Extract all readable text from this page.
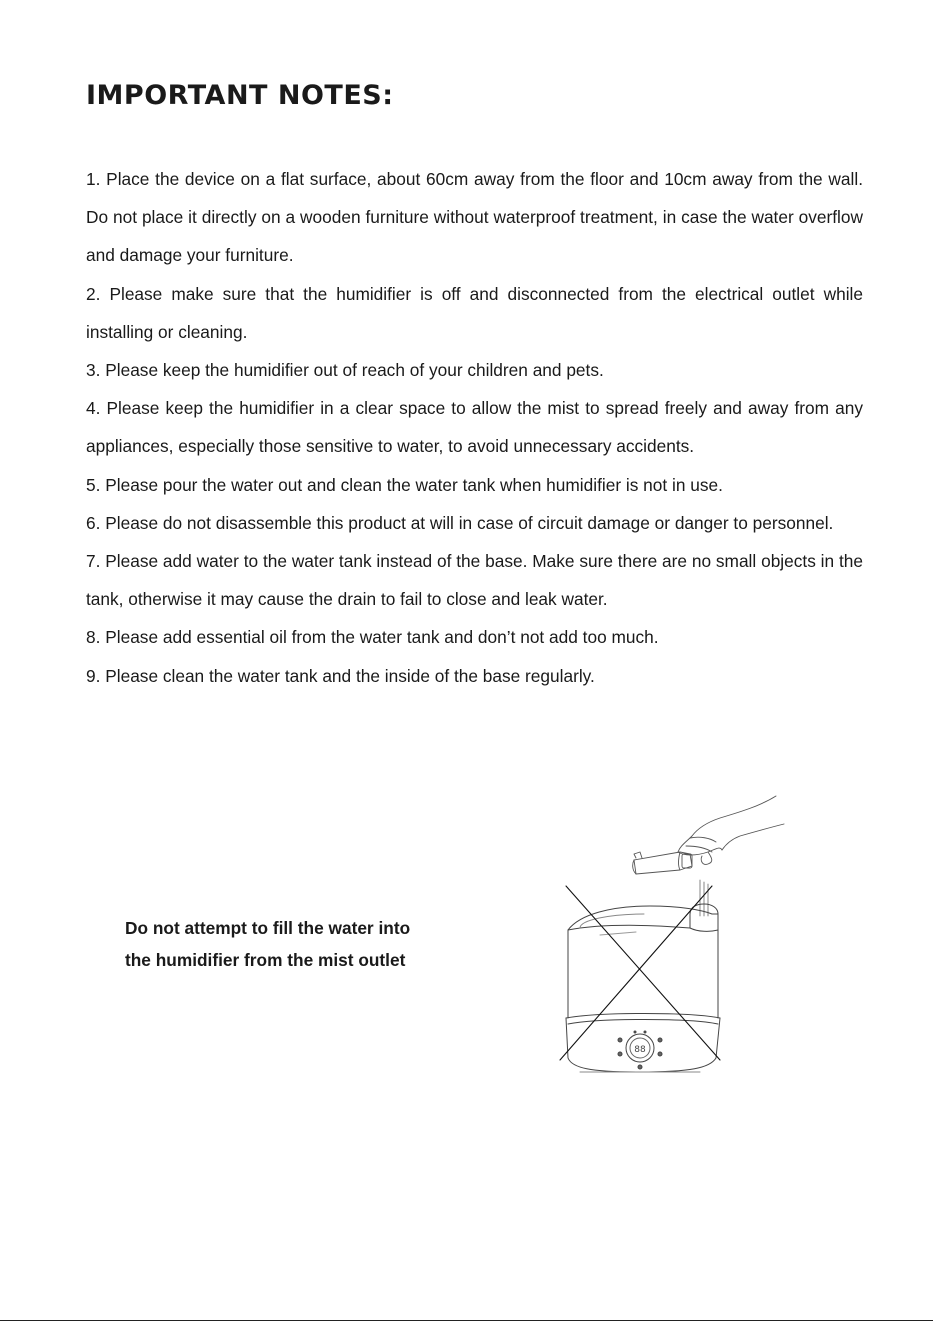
IMPORTANT NOTES:

1. Place the device on a flat surface, about 60cm away from the floor and 10cm away from the wall. Do not place it directly on a wooden furniture without waterproof treatment, in case the water overflow and damage your furniture.

2. Please make sure that the humidifier is off and disconnected from the electrical outlet while installing or cleaning.

3. Please keep the humidifier out of reach of your children and pets.

4. Please keep the humidifier in a clear space to allow the mist to spread freely and away from any appliances, especially those sensitive to water, to avoid unnecessary accidents.

5. Please pour the water out and clean the water tank when humidifier is not in use.

6. Please do not disassemble this product at will in case of circuit damage or danger to personnel.

7. Please add water to the water tank instead of the base. Make sure there are no small objects in the tank, otherwise it may cause the drain to fail to close and leak water.

8. Please add essential oil from the water tank and don’t not add too much.

9. Please clean the water tank and the inside of the base regularly.

Do not attempt to fill the water into
the humidifier from the mist outlet
88
